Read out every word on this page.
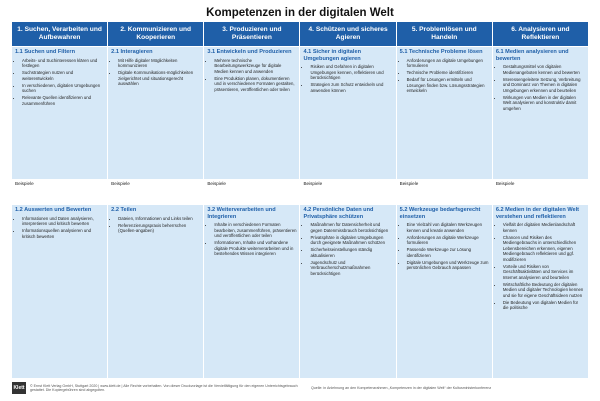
Kompetenzen in der digitalen Welt
1. Suchen, Verarbeiten und Aufbewahren
1.1 Suchen und Filtern
• Arbeits- und Suchinteressen klären und festlegen
• Suchstrategien nutzen und weiterentwickeln
• In verschiedenen, digitalen Umgebungen suchen
• Relevante Quellen identifizieren und zusammenführen
Beispiele
1.2 Auswerten und Bewerten
• Informationen und Daten analysieren, interpretieren und kritisch bewerten
• Informationsquellen analysieren und kritisch bewerten
2. Kommunizieren und Kooperieren
2.1 Interagieren
• Mit Hilfe digitaler Möglichkeiten kommunizieren
• Digitale Kommunikations-möglichkeiten zielgerichtet und situationsgerecht auswählen
Beispiele
2.2 Teilen
• Dateien, Informationen und Links teilen
• Referenzierungspraxis beherrschen (Quellen-angaben)
3. Produzieren und Präsentieren
3.1 Entwickeln und Produzieren
• Mehrere technische Bearbeitungswerkzeuge für digitale Medien kennen und anwenden
• Eine Produktion planen, dokumentieren und in verschiedenen Formaten gestalten, präsentieren, veröffentlichen oder teilen
Beispiele
3.2 Weiterverarbeiten und Integrieren
• Inhalte in verschiedenen Formaten bearbeiten, zusammenführen, präsentieren und veröffentlichen oder teilen
• Informationen, Inhalte und vorhandene digitale Produkte weiterverarbeiten und in bestehendes Wissen integrieren
4. Schützen und sicheres Agieren
4.1 Sicher in digitalen Umgebungen agieren
• Risiken und Gefahren in digitalen Umgebungen kennen, reflektieren und berücksichtigen
• Strategien zum Schutz entwickeln und anwenden können
Beispiele
4.2 Persönliche Daten und Privatsphäre schützen
• Maßnahmen für Datensicherheit und gegen Datenmissbrauch berücksichtigen
• Privatsphäre in digitalen Umgebungen durch geeignete Maßnahmen schützen
• Sicherheitseinstellungen ständig aktualisieren
• Jugendschutz und Verbraucherschutzmaßnahmen berücksichtigen
5. Problemlösen und Handeln
5.1 Technische Probleme lösen
• Anforderungen an digitale Umgebungen formulieren
• Technische Probleme identifizieren
• Bedarf für Lösungen ermitteln und Lösungen finden bzw. Lösungsstrategien entwickeln
Beispiele
5.2 Werkzeuge bedarfsgerecht einsetzen
• Eine Vielzahl von digitalen Werkzeugen kennen und kreativ anwenden
• Anforderungen an digitale Werkzeuge formulieren
• Passende Werkzeuge zur Lösung identifizieren
• Digitale Umgebungen und Werkzeuge zum persönlichen Gebrauch anpassen
6. Analysieren und Reflektieren
6.1 Medien analysieren und bewerten
• Gestaltungsmittel von digitalen Medienangeboten kennen und bewerten
• Interessengeleitete Setzung, Verbreitung und Dominanz von Themen in digitalen Umgebungen erkennen und beurteilen
• Wirkungen von Medien in der digitalen Welt analysieren und konstruktiv damit umgehen
Beispiele
6.2 Medien in der digitalen Welt verstehen und reflektieren
• Vielfalt der digitalen Medienlandschaft kennen
• Chancen und Risiken des Mediengebrauchs in unterschiedlichen Lebensbereichen erkennen, eigenen Mediengebrauch reflektieren und ggf. modifizieren
• Vorteile und Risiken von Geschäftsaktivitäten und Services im Internet analysieren und beurteilen
• Wirtschaftliche Bedeutung der digitalen Medien und digitaler Technologien kennen und sie für eigene Geschäftsideen nutzen
• Die Bedeutung von digitalen Medien für die politische
Klett	© Ernst Klett Verlag GmbH, Stuttgart 2020 | www.klett.de | Alle Rechte vorbehalten. Von dieser Druckvorlage ist die Vervielfältigung für den eigenen Unterrichtsgebrauch gestattet. Die Kopiergebühren sind abgegolten.
Quelle: in Anlehnung an den Kompetenzrahmen „Kompetenzen in der digitalen Welt“ der Kultusministerkonferenz
